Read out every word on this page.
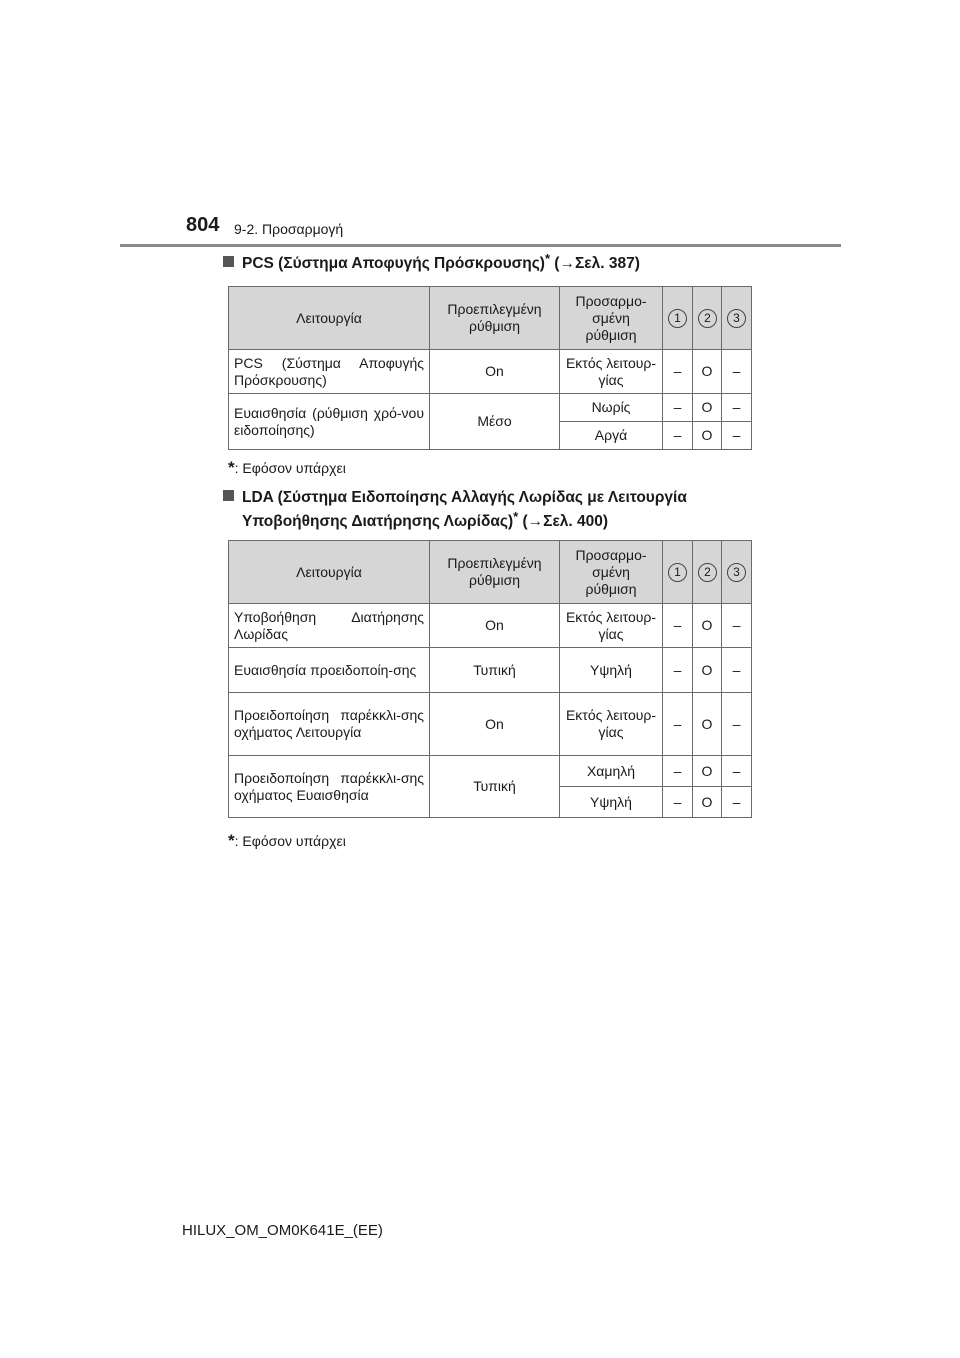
804 9-2. Προσαρμογή
PCS (Σύστημα Αποφυγής Πρόσκρουσης)* (→Σελ. 387)
Λειτουργία	Προεπιλεγμένη ρύθμιση	Προσαρμο-σμένη ρύθμιση	1	2	3
PCS (Σύστημα Αποφυγής Πρόσκρουσης)	On	Εκτός λειτουρ-γίας	–	O	–
Ευαισθησία (ρύθμιση χρό-νου ειδοποίησης)	Μέσο	Νωρίς	–	O	–
		Αργά	–	O	–
*: Εφόσον υπάρχει
LDA (Σύστημα Ειδοποίησης Αλλαγής Λωρίδας με Λειτουργία
Υποβοήθησης Διατήρησης Λωρίδας)* (→Σελ. 400)
Λειτουργία	Προεπιλεγμένη ρύθμιση	Προσαρμο-σμένη ρύθμιση	1	2	3
Υποβοήθηση Διατήρησης Λωρίδας	On	Εκτός λειτουρ-γίας	–	O	–
Ευαισθησία προειδοποίη-σης	Τυπική	Υψηλή	–	O	–
Προειδοποίηση παρέκκλι-σης οχήματος Λειτουργία	On	Εκτός λειτουρ-γίας	–	O	–
Προειδοποίηση παρέκκλι-σης οχήματος Ευαισθησία	Τυπική	Χαμηλή	–	O	–
		Υψηλή	–	O	–
*: Εφόσον υπάρχει
HILUX_OM_OM0K641E_(EE)
